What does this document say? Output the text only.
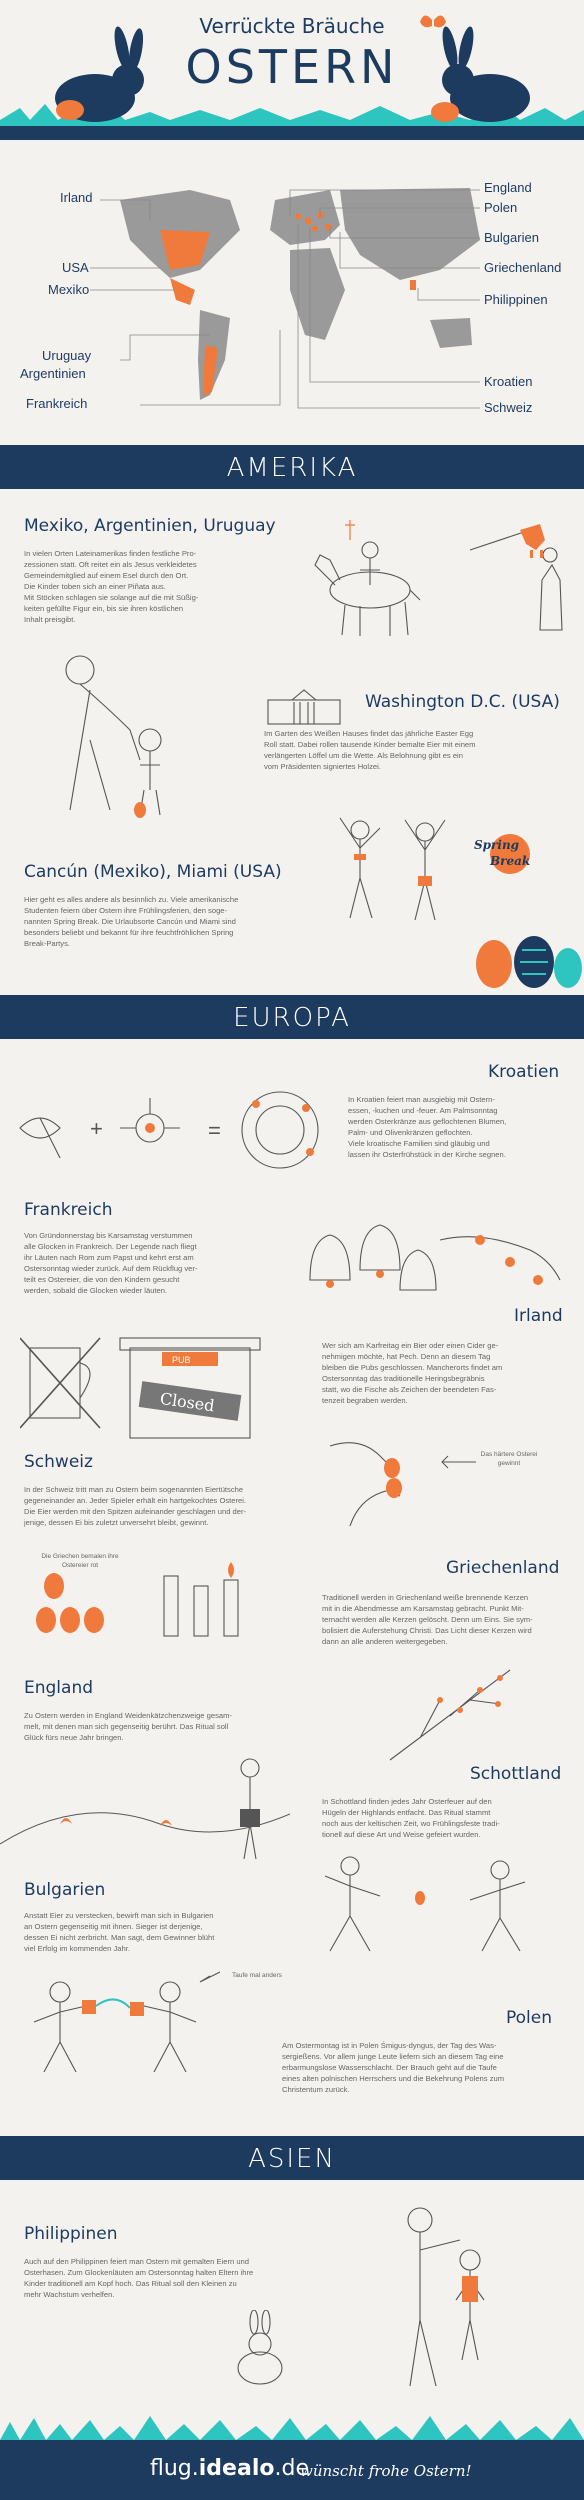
Verrückte Bräuche
OSTERN
Irland
USA
Mexiko
Uruguay
Argentinien
Frankreich
England
Polen
Bulgarien
Griechenland
Philippinen
Kroatien
Schweiz
AMERIKA
Mexiko, Argentinien, Uruguay
In vielen Orten Lateinamerikas finden festliche Pro-
zessionen statt. Oft reitet ein als Jesus verkleidetes
Gemeindemitglied auf einem Esel durch den Ort.
Die Kinder toben sich an einer Piñata aus.
Mit Stöcken schlagen sie solange auf die mit Süßig-
keiten gefüllte Figur ein, bis sie ihren köstlichen
Inhalt preisgibt.
Washington D.C. (USA)
Im Garten des Weißen Hauses findet das jährliche Easter Egg
Roll statt. Dabei rollen tausende Kinder bemalte Eier mit einem
verlängerten Löffel um die Wette. Als Belohnung gibt es ein
vom Präsidenten signiertes Holzei.
Spring
Break
Cancún (Mexiko), Miami (USA)
Hier geht es alles andere als besinnlich zu. Viele amerikanische
Studenten feiern über Ostern ihre Frühlingsferien, den soge-
nannten Spring Break. Die Urlaubsorte Cancún und Miami sind
besonders beliebt und bekannt für ihre feuchtfröhlichen Spring
Break-Partys.
EUROPA
Kroatien
+	=
In Kroatien feiert man ausgiebig mit Ostern-
essen, -kuchen und -feuer. Am Palmsonntag
werden Osterkränze aus geflochtenen Blumen,
Palm- und Olivenkränzen geflochten.
Viele kroatische Familien sind gläubig und
lassen ihr Osterfrühstück in der Kirche segnen.
Frankreich
Von Gründonnerstag bis Karsamstag verstummen
alle Glocken in Frankreich. Der Legende nach fliegt
ihr Läuten nach Rom zum Papst und kehrt erst am
Ostersonntag wieder zurück. Auf dem Rückflug ver-
teilt es Ostereier, die von den Kindern gesucht
werden, sobald die Glocken wieder läuten.
Irland
PUB
Closed
Wer sich am Karfreitag ein Bier oder einen Cider ge-
nehmigen möchte, hat Pech. Denn an diesem Tag
bleiben die Pubs geschlossen. Mancherorts findet am
Ostersonntag das traditionelle Heringsbegräbnis
statt, wo die Fische als Zeichen der beendeten Fas-
tenzeit begraben werden.
Schweiz	Das härtere Osterei gewinnt
In der Schweiz tritt man zu Ostern beim sogenannten Eiertütsche
gegeneinander an. Jeder Spieler erhält ein hartgekochtes Osterei.
Die Eier werden mit den Spitzen aufeinander geschlagen und der-
jenige, dessen Ei bis zuletzt unversehrt bleibt, gewinnt.
Die Griechen bemalen ihre Ostereier rot	Griechenland
Traditionell werden in Griechenland weiße brennende Kerzen
mit in die Abendmesse am Karsamstag gebracht. Punkt Mit-
ternacht werden alle Kerzen gelöscht. Denn um Eins. Sie sym-
bolisiert die Auferstehung Christi. Das Licht dieser Kerzen wird
dann an alle anderen weitergegeben.
England
Zu Ostern werden in England Weidenkätzchenzweige gesam-
melt, mit denen man sich gegenseitig berührt. Das Ritual soll
Glück fürs neue Jahr bringen.
Schottland
In Schottland finden jedes Jahr Osterfeuer auf den
Hügeln der Highlands entfacht. Das Ritual stammt
noch aus der keltischen Zeit, wo Frühlingsfeste tradi-
tionell auf diese Art und Weise gefeiert wurden.
Bulgarien
Anstatt Eier zu verstecken, bewirft man sich in Bulgarien
an Ostern gegenseitig mit ihnen. Sieger ist derjenige,
dessen Ei nicht zerbricht. Man sagt, dem Gewinner blüht
viel Erfolg im kommenden Jahr.
Taufe mal anders
Polen
Am Ostermontag ist in Polen Śmigus-dyngus, der Tag des Was-
sergießens. Vor allem junge Leute liefern sich an diesem Tag eine
erbarmungslose Wasserschlacht. Der Brauch geht auf die Taufe
eines alten polnischen Herrschers und die Bekehrung Polens zum
Christentum zurück.
ASIEN
Philippinen
Auch auf den Philippinen feiert man Ostern mit gemalten Eiern und
Osterhasen. Zum Glockenläuten am Ostersonntag halten Eltern ihre
Kinder traditionell am Kopf hoch. Das Ritual soll den Kleinen zu
mehr Wachstum verhelfen.
flug.idealo.de
wünscht frohe Ostern!
